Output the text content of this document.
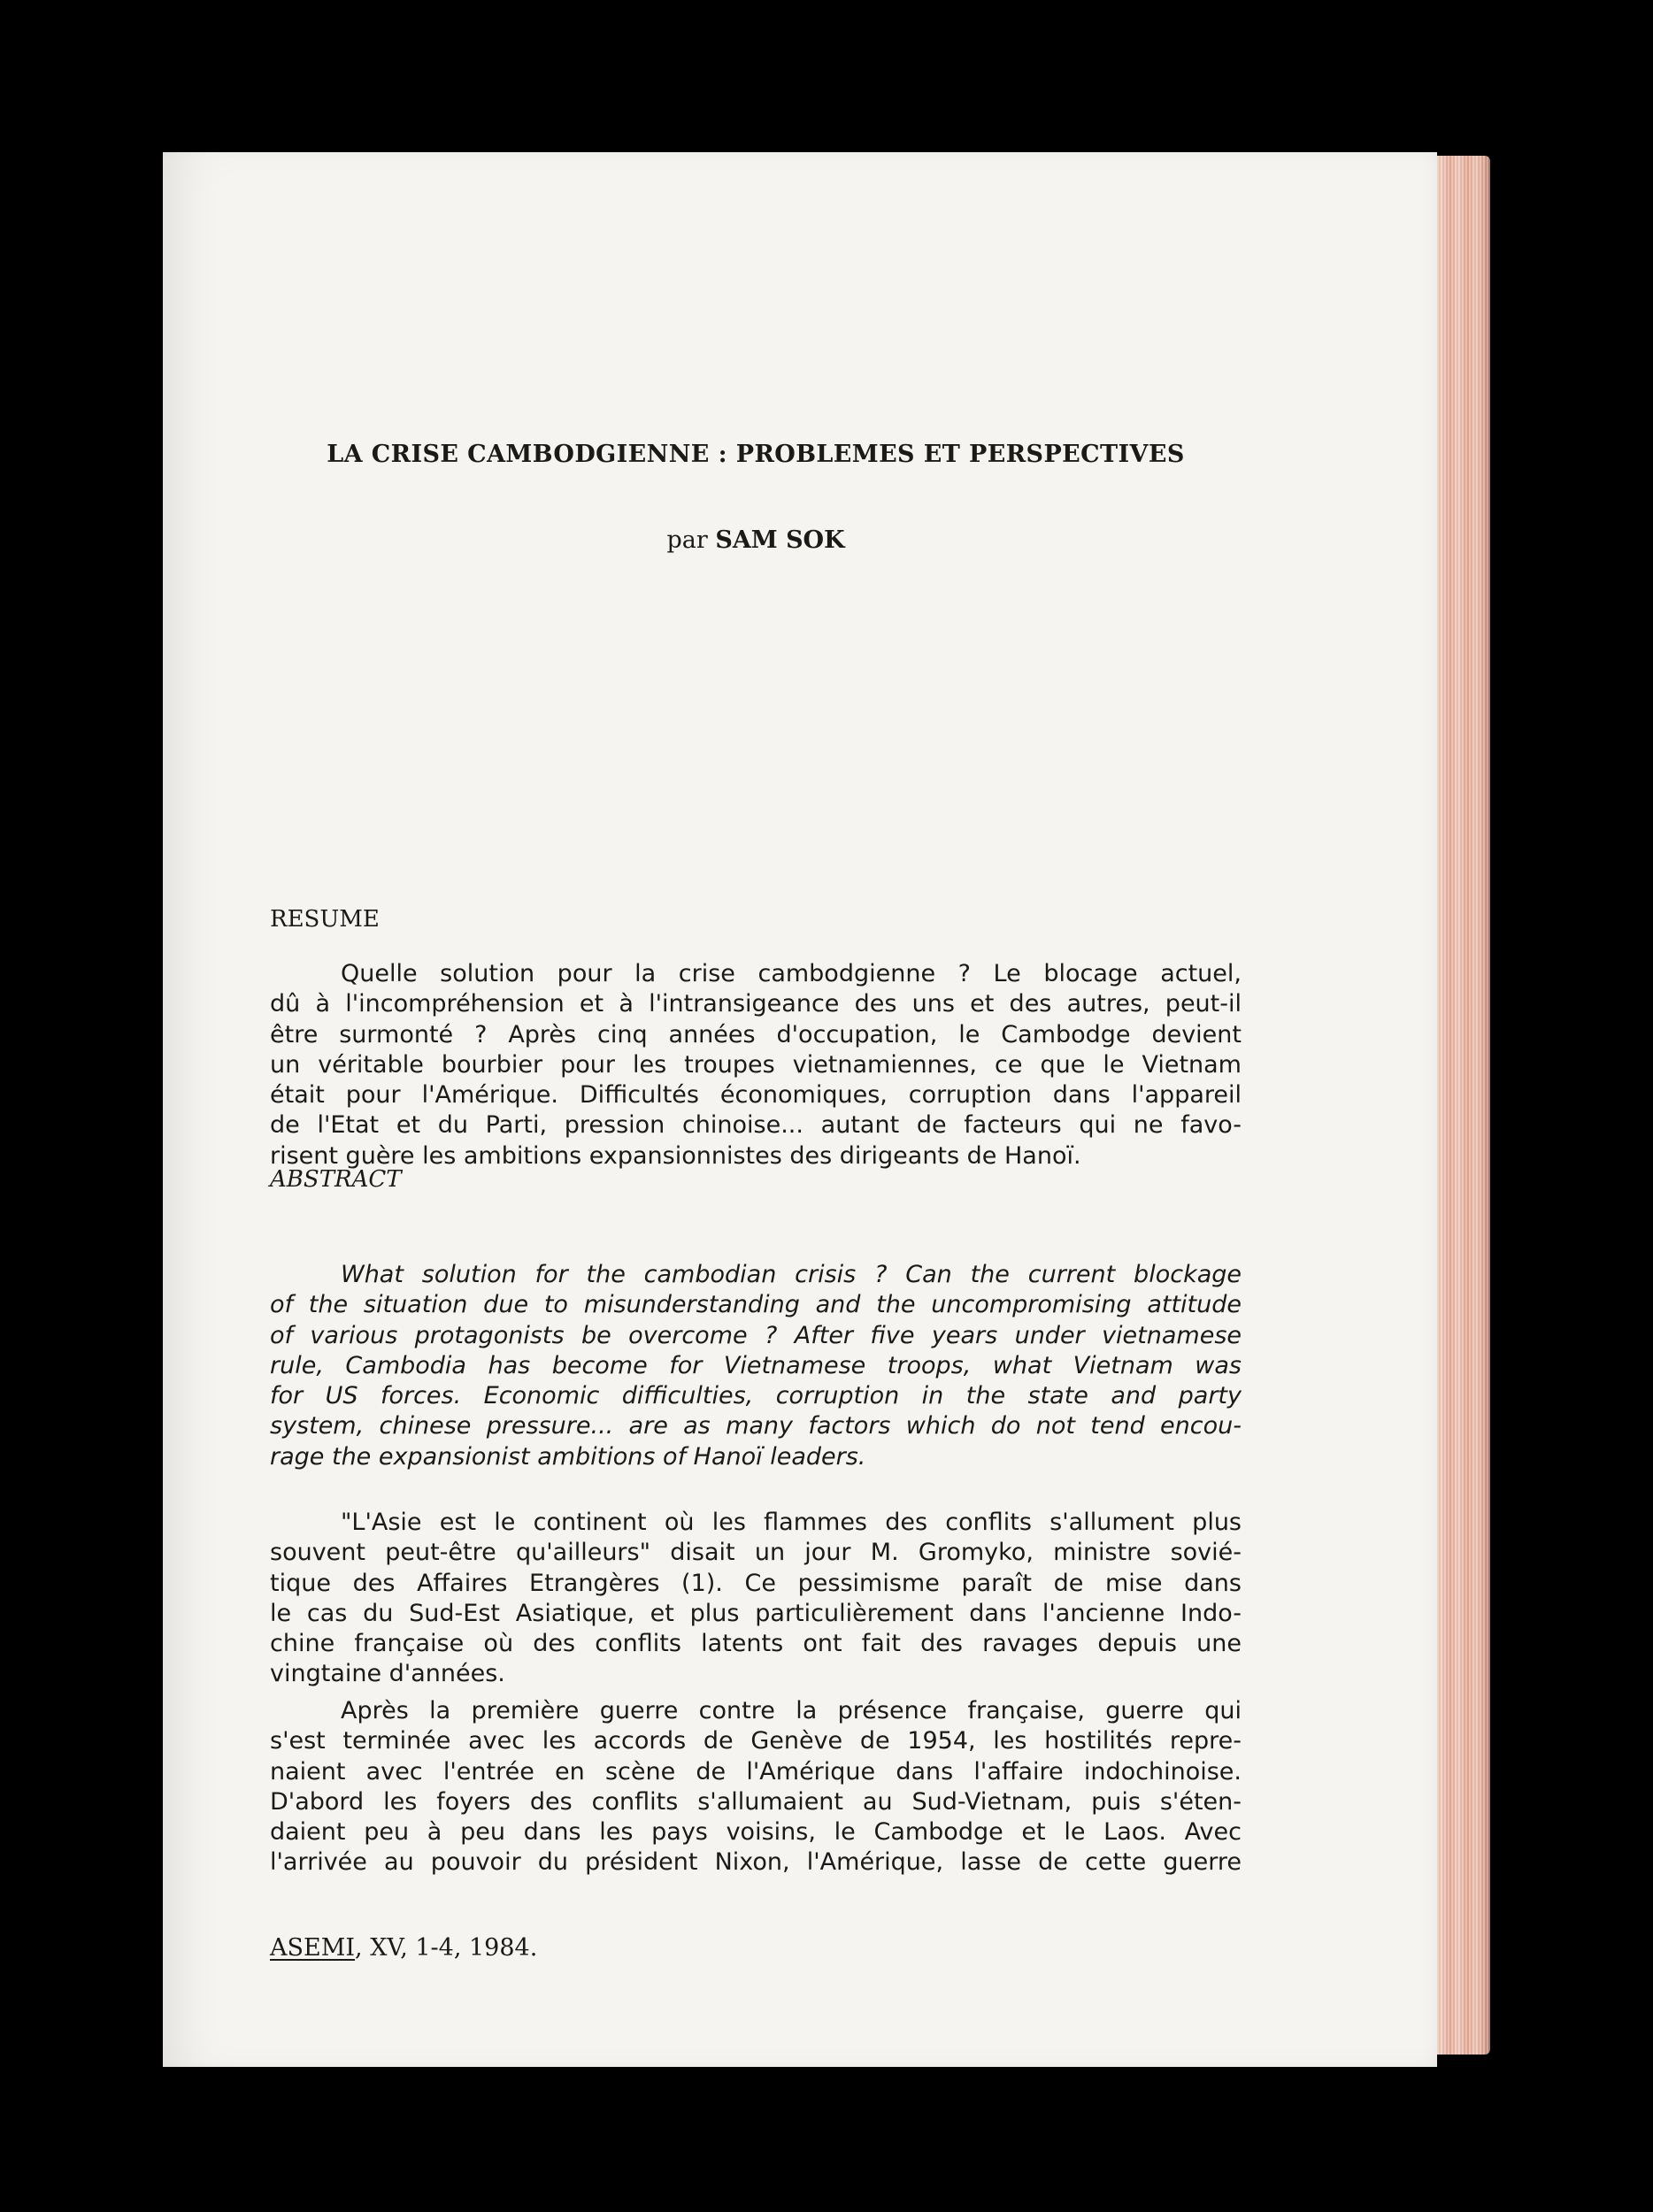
LA CRISE CAMBODGIENNE : PROBLEMES ET PERSPECTIVES

par SAM SOK

RESUME

Quelle solution pour la crise cambodgienne ? Le blocage actuel,
dû à l'incompréhension et à l'intransigeance des uns et des autres, peut-il
être surmonté ? Après cinq années d'occupation, le Cambodge devient
un véritable bourbier pour les troupes vietnamiennes, ce que le Vietnam
était pour l'Amérique. Difficultés économiques, corruption dans l'appareil
de l'Etat et du Parti, pression chinoise... autant de facteurs qui ne favo-
risent guère les ambitions expansionnistes des dirigeants de Hanoï.

ABSTRACT

What solution for the cambodian crisis ? Can the current blockage
of the situation due to misunderstanding and the uncompromising attitude
of various protagonists be overcome ? After five years under vietnamese
rule, Cambodia has become for Vietnamese troops, what Vietnam was
for US forces. Economic difficulties, corruption in the state and party
system, chinese pressure... are as many factors which do not tend encou-
rage the expansionist ambitions of Hanoï leaders.
"L'Asie est le continent où les flammes des conflits s'allument plus
souvent peut-être qu'ailleurs" disait un jour M. Gromyko, ministre sovié-
tique des Affaires Etrangères (1). Ce pessimisme paraît de mise dans
le cas du Sud-Est Asiatique, et plus particulièrement dans l'ancienne Indo-
chine française où des conflits latents ont fait des ravages depuis une
vingtaine d'années.
Après la première guerre contre la présence française, guerre qui
s'est terminée avec les accords de Genève de 1954, les hostilités repre-
naient avec l'entrée en scène de l'Amérique dans l'affaire indochinoise.
D'abord les foyers des conflits s'allumaient au Sud-Vietnam, puis s'éten-
daient peu à peu dans les pays voisins, le Cambodge et le Laos. Avec
l'arrivée au pouvoir du président Nixon, l'Amérique, lasse de cette guerre

ASEMI, XV, 1-4, 1984.
